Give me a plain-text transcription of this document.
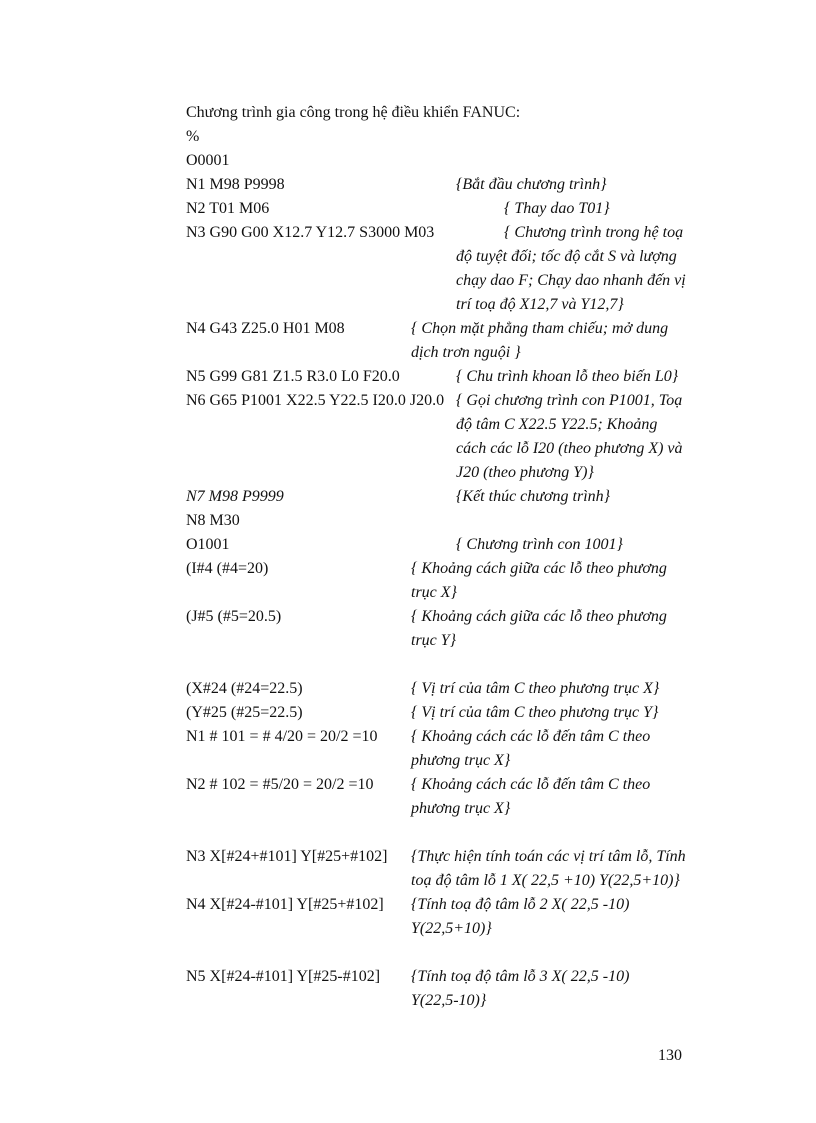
Chương trình gia công trong hệ điều khiển FANUC:
%
O0001
N1 M98 P9998	{Bắt đầu chương trình}
N2 T01 M06	{ Thay dao T01}
N3 G90 G00 X12.7 Y12.7 S3000 M03	{ Chương trình trong hệ toạ
độ tuyệt đối; tốc độ cắt S và lượng
chạy dao F; Chạy dao nhanh đến vị
trí toạ độ X12,7 và Y12,7}
N4 G43 Z25.0 H01 M08	{ Chọn mặt phẳng tham chiếu; mở dung
dịch trơn nguội }
N5 G99 G81 Z1.5 R3.0 L0 F20.0	{ Chu trình khoan lỗ theo biến L0}
N6 G65 P1001 X22.5 Y22.5 I20.0 J20.0 { Gọi chương trình con P1001, Toạ
độ tâm C X22.5 Y22.5; Khoảng
cách các lỗ I20 (theo phương X) và
J20 (theo phương Y)}
N7 M98 P9999	{Kết thúc chương trình}
N8 M30
O1001	{ Chương trình con 1001}
(I#4 (#4=20)	{ Khoảng cách giữa các lỗ theo phương
trục X}
(J#5 (#5=20.5)	{ Khoảng cách giữa các lỗ theo phương
trục Y}
(X#24 (#24=22.5)	{ Vị trí của tâm C theo phương trục X}
(Y#25 (#25=22.5)	{ Vị trí của tâm C theo phương trục Y}
N1 # 101 = # 4/20 = 20/2 =10 { Khoảng cách các lỗ đến tâm C theo
phương trục X}
N2 # 102 = #5/20 = 20/2 =10 { Khoảng cách các lỗ đến tâm C theo
phương trục X}
N3 X[#24+#101] Y[#25+#102] {Thực hiện tính toán các vị trí tâm lỗ, Tính
toạ độ tâm lỗ 1 X( 22,5 +10) Y(22,5+10)}
N4 X[#24-#101] Y[#25+#102] {Tính toạ độ tâm lỗ 2 X( 22,5 -10)
Y(22,5+10)}
N5 X[#24-#101] Y[#25-#102] {Tính toạ độ tâm lỗ 3 X( 22,5 -10)
Y(22,5-10)}
130
